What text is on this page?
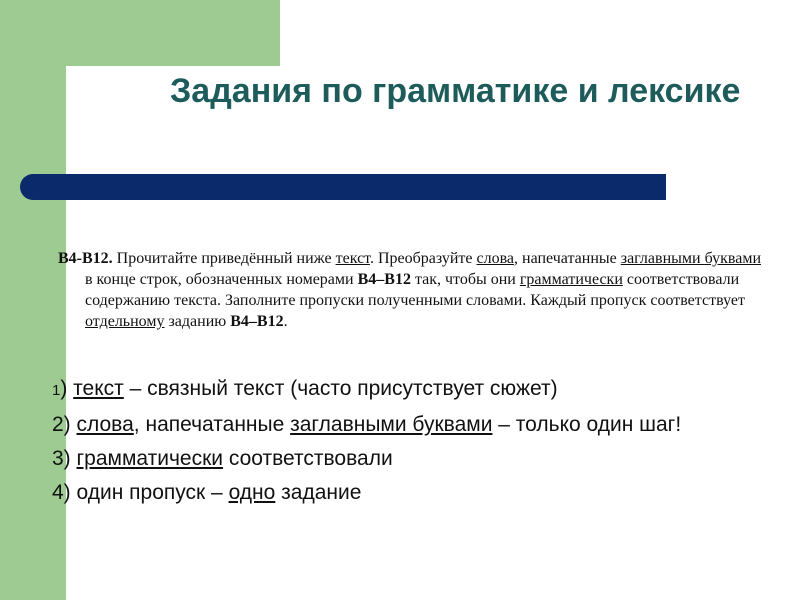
Задания по грамматике и лексике
В4-В12. Прочитайте приведённый ниже текст. Преобразуйте слова, напечатанные заглавными буквами в конце строк, обозначенных номерами В4–В12 так, чтобы они грамматически соответствовали содержанию текста. Заполните пропуски полученными словами. Каждый пропуск соответствует отдельному заданию В4–В12.
1) текст – связный текст (часто присутствует сюжет)
2) слова, напечатанные заглавными буквами – только один шаг!
3) грамматически соответствовали
4) один пропуск – одно задание
